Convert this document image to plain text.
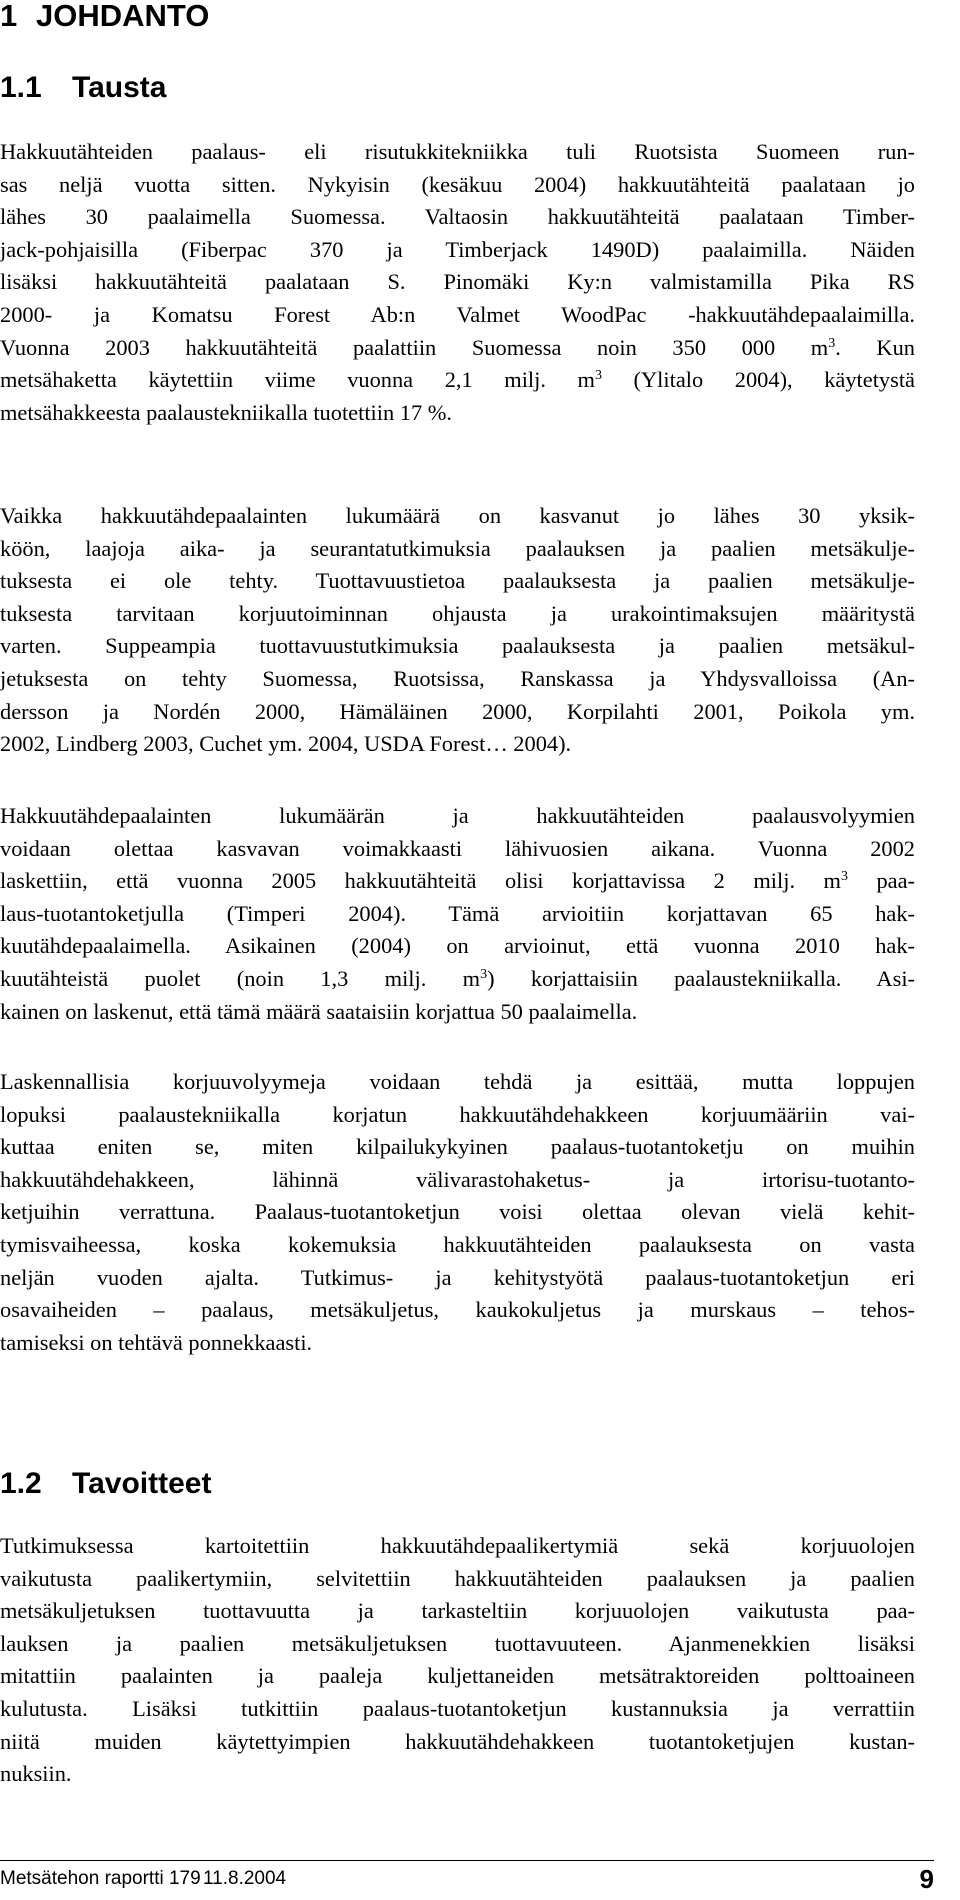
1 JOHDANTO
1.1 Tausta
Hakkuutähteiden paalaus- eli risutukkitekniikka tuli Ruotsista Suomeen run-
sas neljä vuotta sitten. Nykyisin (kesäkuu 2004) hakkuutähteitä paalataan jo
lähes 30 paalaimella Suomessa. Valtaosin hakkuutähteitä paalataan Timber-
jack-pohjaisilla (Fiberpac 370 ja Timberjack 1490D) paalaimilla. Näiden
lisäksi hakkuutähteitä paalataan S. Pinomäki Ky:n valmistamilla Pika RS
2000- ja Komatsu Forest Ab:n Valmet WoodPac -hakkuutähdepaalaimilla.
Vuonna 2003 hakkuutähteitä paalattiin Suomessa noin 350 000 $m^3$. Kun
metsähaketta käytettiin viime vuonna 2,1 milj. $m^3$ (Ylitalo 2004), käytetystä
metsähakkeesta paalaustekniikalla tuotettiin 17 %.
Vaikka hakkuutähdepaalainten lukumäärä on kasvanut jo lähes 30 yksik-
köön, laajoja aika- ja seurantatutkimuksia paalauksen ja paalien metsäkulje-
tuksesta ei ole tehty. Tuottavuustietoa paalauksesta ja paalien metsäkulje-
tuksesta tarvitaan korjuutoiminnan ohjausta ja urakointimaksujen määritystä
varten. Suppeampia tuottavuustutkimuksia paalauksesta ja paalien metsäkul-
jetuksesta on tehty Suomessa, Ruotsissa, Ranskassa ja Yhdysvalloissa (An-
dersson ja Nordén 2000, Hämäläinen 2000, Korpilahti 2001, Poikola ym.
2002, Lindberg 2003, Cuchet ym. 2004, USDA Forest… 2004).
Hakkuutähdepaalainten lukumäärän ja hakkuutähteiden paalausvolyymien
voidaan olettaa kasvavan voimakkaasti lähivuosien aikana. Vuonna 2002
laskettiin, että vuonna 2005 hakkuutähteitä olisi korjattavissa 2 milj. $m^3$ paa-
laus-tuotantoketjulla (Timperi 2004). Tämä arvioitiin korjattavan 65 hak-
kuutähdepaalaimella. Asikainen (2004) on arvioinut, että vuonna 2010 hak-
kuutähteistä puolet (noin 1,3 milj. $m^3$) korjattaisiin paalaustekniikalla. Asi-
kainen on laskenut, että tämä määrä saataisiin korjattua 50 paalaimella.
Laskennallisia korjuuvolyymeja voidaan tehdä ja esittää, mutta loppujen
lopuksi paalaustekniikalla korjatun hakkuutähdehakkeen korjuumääriin vai-
kuttaa eniten se, miten kilpailukykyinen paalaus-tuotantoketju on muihin
hakkuutähdehakkeen, lähinnä välivarastohaketus- ja irtorisu-tuotanto-
ketjuihin verrattuna. Paalaus-tuotantoketjun voisi olettaa olevan vielä kehit-
tymisvaiheessa, koska kokemuksia hakkuutähteiden paalauksesta on vasta
neljän vuoden ajalta. Tutkimus- ja kehitystyötä paalaus-tuotantoketjun eri
osavaiheiden – paalaus, metsäkuljetus, kaukokuljetus ja murskaus – tehos-
tamiseksi on tehtävä ponnekkaasti.
1.2 Tavoitteet
Tutkimuksessa kartoitettiin hakkuutähdepaalikertymiä sekä korjuuolojen
vaikutusta paalikertymiin, selvitettiin hakkuutähteiden paalauksen ja paalien
metsäkuljetuksen tuottavuutta ja tarkasteltiin korjuuolojen vaikutusta paa-
lauksen ja paalien metsäkuljetuksen tuottavuuteen. Ajanmenekkien lisäksi
mitattiin paalainten ja paaleja kuljettaneiden metsätraktoreiden polttoaineen
kulutusta. Lisäksi tutkittiin paalaus-tuotantoketjun kustannuksia ja verrattiin
niitä muiden käytettyimpien hakkuutähdehakkeen tuotantoketjujen kustan-
nuksiin.
Metsätehon raportti 179 11.8.2004	9
